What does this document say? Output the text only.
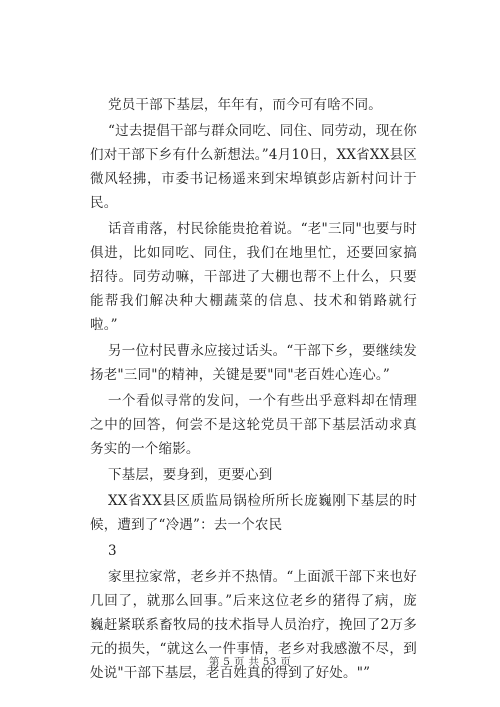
党员干部下基层，年年有，而今可有啥不同。

“过去提倡干部与群众同吃、同住、同劳动，现在你们对干部下乡有什么新想法。”4月10日，XX省XX县区微风轻拂，市委书记杨遥来到宋埠镇彭店新村问计于民。

话音甫落，村民徐能贵抢着说。“老"三同"也要与时俱进，比如同吃、同住，我们在地里忙，还要回家搞招待。同劳动嘛，干部进了大棚也帮不上什么，只要能帮我们解决种大棚蔬菜的信息、技术和销路就行啦。”

另一位村民曹永应接过话头。“干部下乡，要继续发扬老"三同"的精神，关键是要"同"老百姓心连心。”

一个看似寻常的发问，一个有些出乎意料却在情理之中的回答，何尝不是这轮党员干部下基层活动求真务实的一个缩影。

下基层，要身到，更要心到

XX省XX县区质监局锅检所所长庞巍刚下基层的时候，遭到了“冷遇”：去一个农民

3

家里拉家常，老乡并不热情。“上面派干部下来也好几回了，就那么回事。”后来这位老乡的猪得了病，庞巍赶紧联系畜牧局的技术指导人员治疗，挽回了2万多元的损失，“就这么一件事情，老乡对我感激不尽，到处说"干部下基层，老百姓真的得到了好处。"”

第 5 页 共 53 页
